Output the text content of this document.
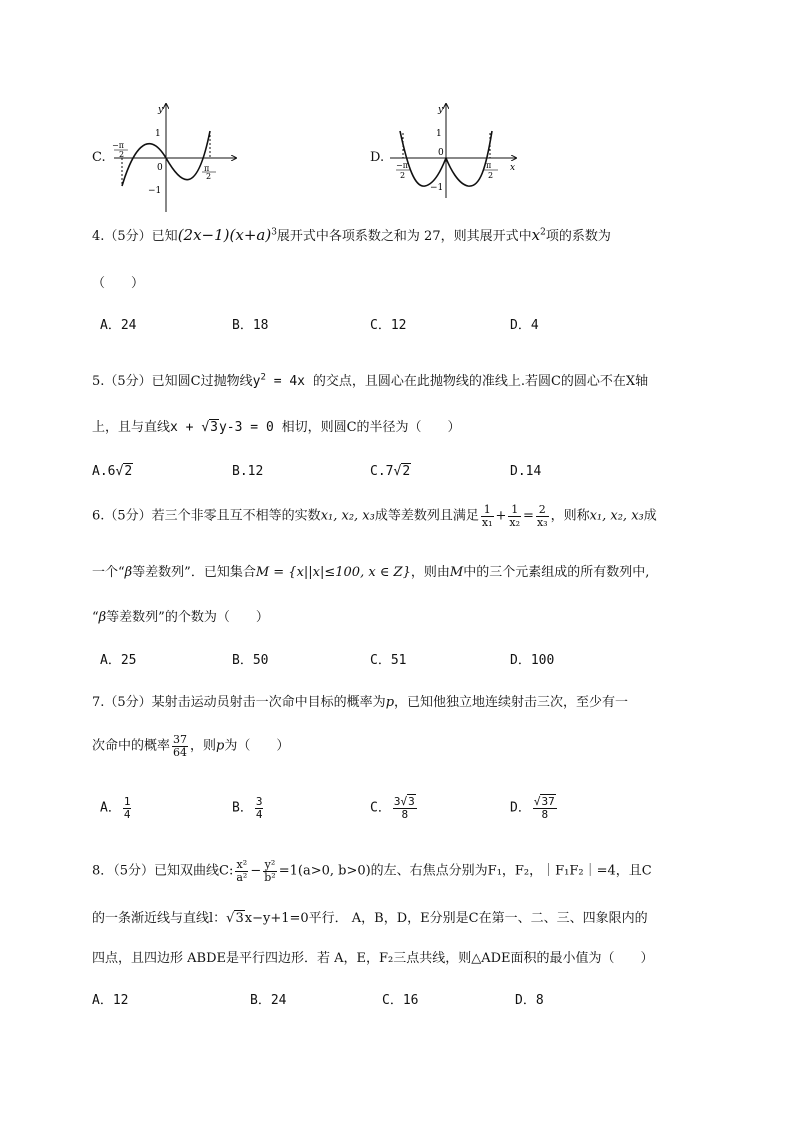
C.
y
1
0
−1
−π
2
π
2
D.
y
1
0
−1
−π
2
π
2
x
4.（5分）已知$(2x-1)(x+a)^3$展开式中各项系数之和为 27，则其展开式中$x^2$项的系数为
（　　）
A．24	B．18	C．12	D．4
5.（5分）已知圆C过抛物线$y^2 = 4x$ 的交点，且圆心在此抛物线的准线上.若圆C的圆心不在X轴
上，且与直线x + √3y-3 = 0 相切，则圆C的半径为（　　）
A.6√2	B.12	C.7√2	D.14
6.（5分）若三个非零且互不相等的实数x₁, x₂, x₃成等差数列且满足 $\frac{1}{\text{x₁}} + \frac{1}{\text{x₂}} = \frac{2}{\text{x₃}}$ ，则称x₁, x₂, x₃成
一个“β等差数列”．已知集合M = {x||x|≤100, x ∈ Z}，则由M中的三个元素组成的所有数列中,
“β等差数列”的个数为（　　）
A．25	B．50	C．51	D．100
7.（5分）某射击运动员射击一次命中目标的概率为p，已知他独立地连续射击三次，至少有一
次命中的概率 $\frac{37}{64}$ ，则p为（　　）
A． $\frac{1}{4}$	B． $\frac{3}{4}$	C． $\frac{3√3}{8}$	D． $\frac{√37}{8}$
8．（5分）已知双曲线C: $\frac{\text{x²}}{\text{a²}} - \frac{\text{y²}}{\text{b²}} =1(a>0$, b>0)的左、右焦点分别为F₁，F₂，｜F₁F₂｜=4，且C
的一条渐近线与直线l：√3x−y+1=0平行． A，B，D，E分别是C在第一、二、三、四象限内的
四点，且四边形 ABDE是平行四边形．若 A，E，F₂三点共线，则△ADE面积的最小值为（　　）
A．12	B．24	C．16	D．8
